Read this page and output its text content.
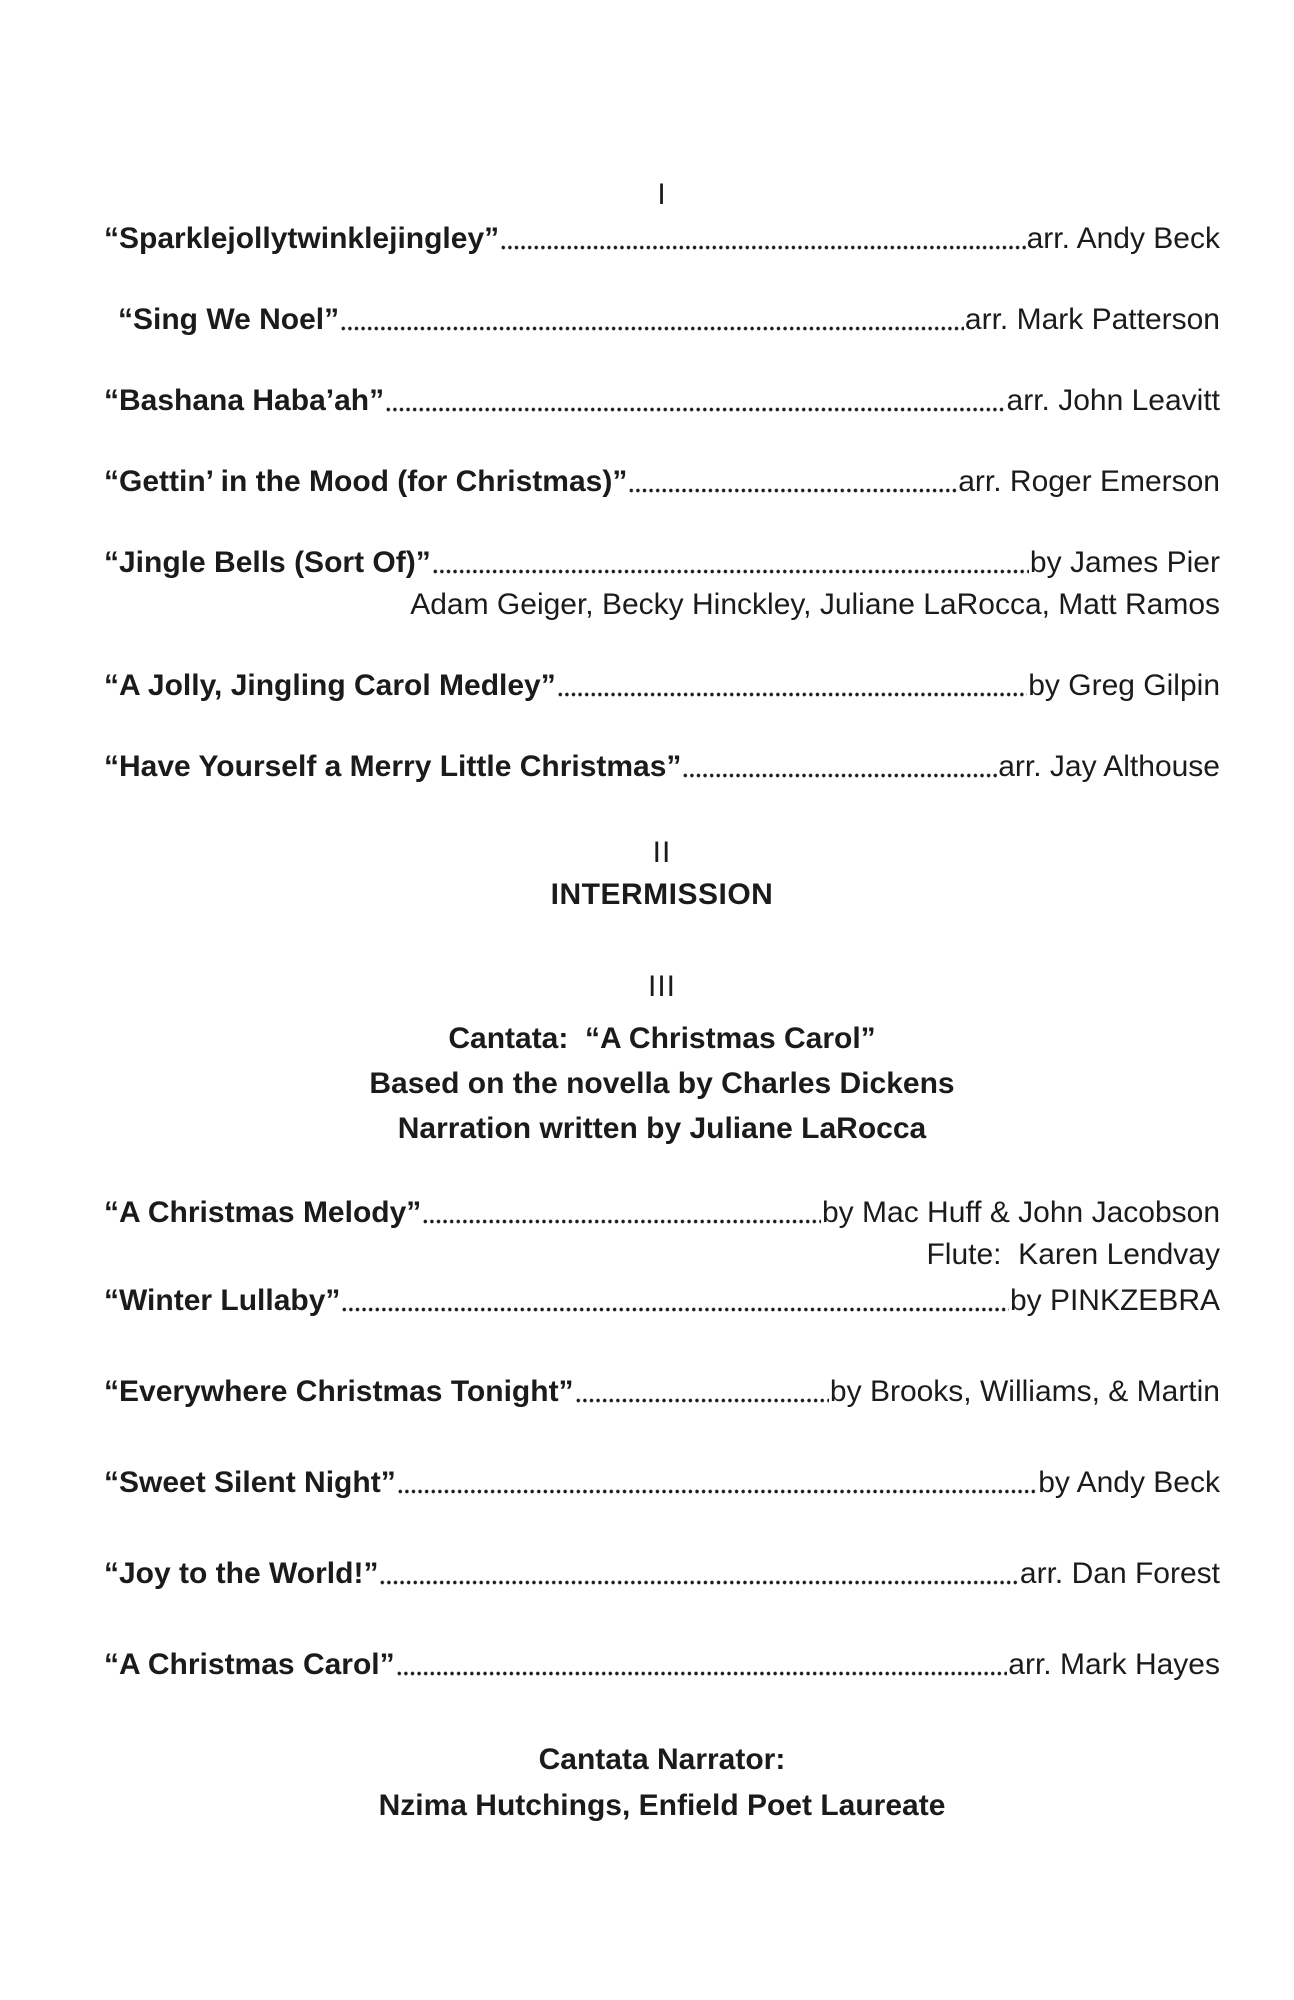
I
“Sparklejollytwinklejingley”	arr. Andy Beck
“Sing We Noel”	arr. Mark Patterson
“Bashana Haba’ah”	arr. John Leavitt
“Gettin’ in the Mood (for Christmas)”	arr. Roger Emerson
“Jingle Bells (Sort Of)”	by James Pier
Adam Geiger, Becky Hinckley, Juliane LaRocca, Matt Ramos
“A Jolly, Jingling Carol Medley”	by Greg Gilpin
“Have Yourself a Merry Little Christmas”	arr. Jay Althouse
II
INTERMISSION
III
Cantata:  “A Christmas Carol”
Based on the novella by Charles Dickens
Narration written by Juliane LaRocca
“A Christmas Melody”	by Mac Huff & John Jacobson
Flute:  Karen Lendvay
“Winter Lullaby”	by PINKZEBRA
“Everywhere Christmas Tonight”	by Brooks, Williams, & Martin
“Sweet Silent Night”	by Andy Beck
“Joy to the World!”	arr. Dan Forest
“A Christmas Carol”	arr. Mark Hayes
Cantata Narrator:
Nzima Hutchings, Enfield Poet Laureate
